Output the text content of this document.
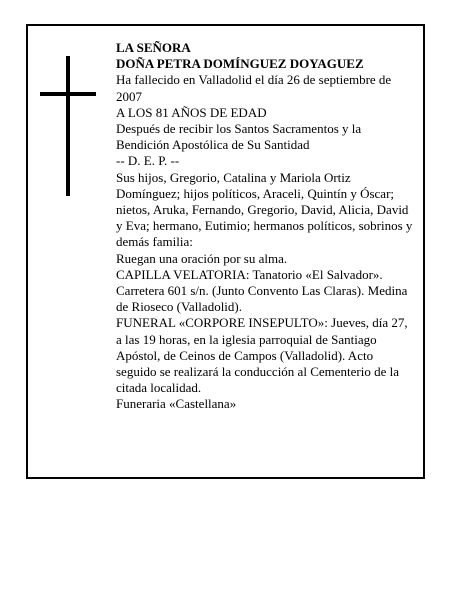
LA SEÑORA

DOÑA PETRA DOMÍNGUEZ DOYAGUEZ

Ha fallecido en Valladolid el día 26 de septiembre de 2007

A LOS 81 AÑOS DE EDAD

Después de recibir los Santos Sacramentos y la Bendición Apostólica de Su Santidad

-- D. E. P. --

Sus hijos, Gregorio, Catalina y Mariola Ortiz Domínguez; hijos políticos, Araceli, Quintín y Óscar; nietos, Aruka, Fernando, Gregorio, David, Alicia, David y Eva; hermano, Eutimio; hermanos políticos, sobrinos y demás familia:

Ruegan una oración por su alma.

CAPILLA VELATORIA: Tanatorio «El Salvador». Carretera 601 s/n. (Junto Convento Las Claras). Medina de Rioseco (Valladolid).

FUNERAL «CORPORE INSEPULTO»: Jueves, día 27, a las 19 horas, en la iglesia parroquial de Santiago Apóstol, de Ceinos de Campos (Valladolid). Acto seguido se realizará la conducción al Cementerio de la citada localidad.

Funeraria «Castellana»
